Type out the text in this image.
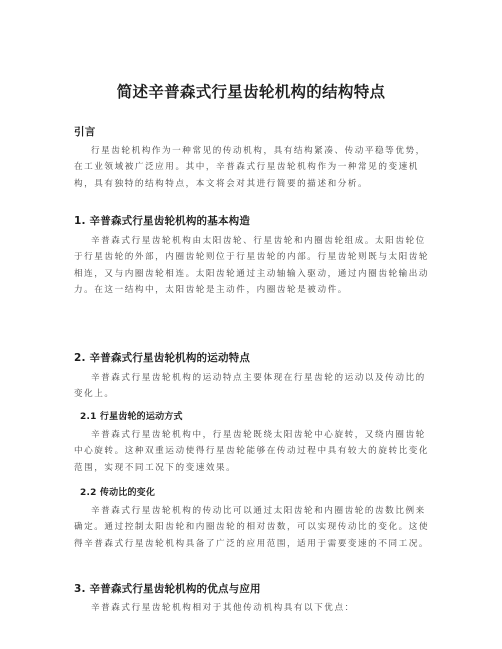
简述辛普森式行星齿轮机构的结构特点
引言

行星齿轮机构作为一种常见的传动机构，具有结构紧凑、传动平稳等优势，在工业领域被广泛应用。其中，辛普森式行星齿轮机构作为一种常见的变速机构，具有独特的结构特点，本文将会对其进行简要的描述和分析。

1. 辛普森式行星齿轮机构的基本构造

辛普森式行星齿轮机构由太阳齿轮、行星齿轮和内圈齿轮组成。太阳齿轮位于行星齿轮的外部，内圈齿轮则位于行星齿轮的内部。行星齿轮则既与太阳齿轮相连，又与内圈齿轮相连。太阳齿轮通过主动轴输入驱动，通过内圈齿轮输出动力。在这一结构中，太阳齿轮是主动件，内圈齿轮是被动件。

2. 辛普森式行星齿轮机构的运动特点

辛普森式行星齿轮机构的运动特点主要体现在行星齿轮的运动以及传动比的变化上。

2.1 行星齿轮的运动方式

辛普森式行星齿轮机构中，行星齿轮既绕太阳齿轮中心旋转，又绕内圈齿轮中心旋转。这种双重运动使得行星齿轮能够在传动过程中具有较大的旋转比变化范围，实现不同工况下的变速效果。

2.2 传动比的变化

辛普森式行星齿轮机构的传动比可以通过太阳齿轮和内圈齿轮的齿数比例来确定。通过控制太阳齿轮和内圈齿轮的相对齿数，可以实现传动比的变化。这使得辛普森式行星齿轮机构具备了广泛的应用范围，适用于需要变速的不同工况。

3. 辛普森式行星齿轮机构的优点与应用

辛普森式行星齿轮机构相对于其他传动机构具有以下优点：
